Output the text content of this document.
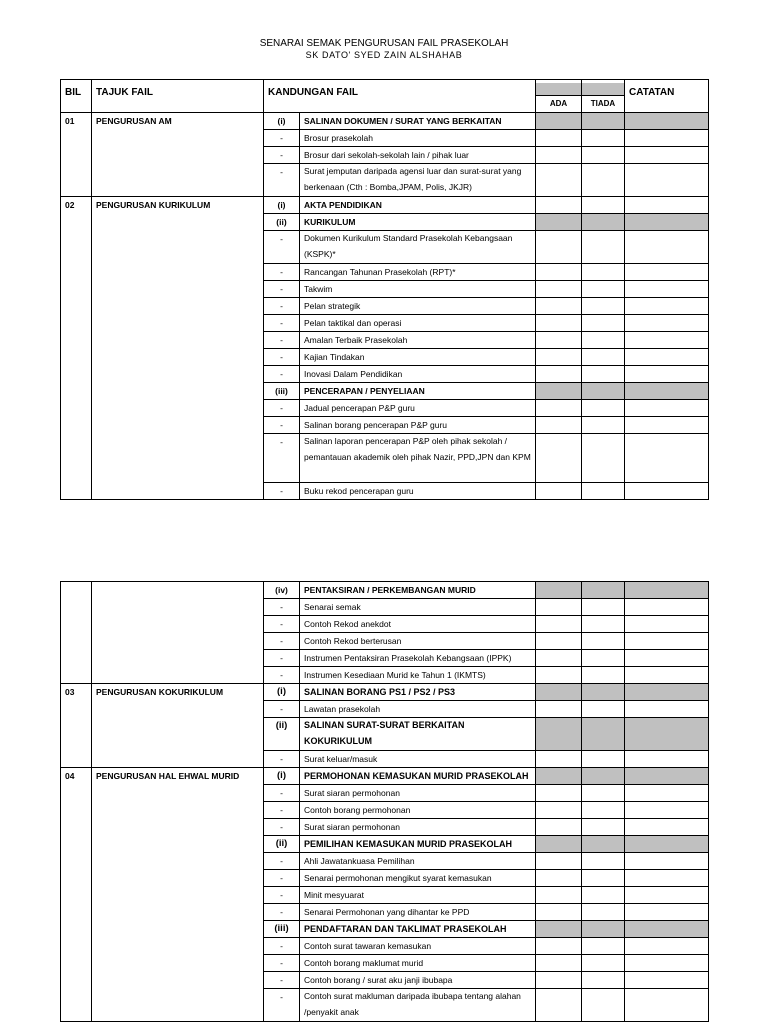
SENARAI SEMAK PENGURUSAN FAIL PRASEKOLAH
SK DATO' SYED ZAIN ALSHAHAB
BIL	TAJUK FAIL	KANDUNGAN FAIL		ADA	TIADA	CATATAN
01	PENGURUSAN AM	(i)	SALINAN DOKUMEN / SURAT YANG BERKAITAN			
		-	Brosur prasekolah			
		-	Brosur dari sekolah-sekolah lain / pihak luar			
		-	Surat jemputan daripada agensi luar dan surat-surat yang berkenaan (Cth : Bomba,JPAM, Polis, JKJR)			
02	PENGURUSAN KURIKULUM	(i)	AKTA PENDIDIKAN			
		(ii)	KURIKULUM			
		-	Dokumen Kurikulum Standard Prasekolah Kebangsaan (KSPK)*			
		-	Rancangan Tahunan Prasekolah (RPT)*			
		-	Takwim			
		-	Pelan strategik			
		-	Pelan taktikal dan operasi			
		-	Amalan Terbaik Prasekolah			
		-	Kajian Tindakan			
		-	Inovasi Dalam Pendidikan			
		(iii)	PENCERAPAN / PENYELIAAN			
		-	Jadual pencerapan P&P guru			
		-	Salinan borang pencerapan P&P guru			
		-	Salinan laporan pencerapan P&P oleh pihak sekolah / pemantauan akademik oleh pihak Nazir, PPD,JPN dan KPM			
		-	Buku rekod pencerapan guru			
		(iv)	PENTAKSIRAN / PERKEMBANGAN MURID			
		-	Senarai semak			
		-	Contoh Rekod anekdot			
		-	Contoh Rekod berterusan			
		-	Instrumen Pentaksiran Prasekolah Kebangsaan (IPPK)			
		-	Instrumen Kesediaan Murid ke Tahun 1 (IKMTS)			
03	PENGURUSAN KOKURIKULUM	(i)	SALINAN BORANG PS1 / PS2 / PS3			
		-	Lawatan prasekolah			
		(ii)	SALINAN SURAT-SURAT BERKAITAN KOKURIKULUM			
		-	Surat keluar/masuk			
04	PENGURUSAN HAL EHWAL MURID	(i)	PERMOHONAN KEMASUKAN MURID PRASEKOLAH			
		-	Surat siaran permohonan			
		-	Contoh borang permohonan			
		-	Surat siaran permohonan			
		(ii)	PEMILIHAN KEMASUKAN MURID PRASEKOLAH			
		-	Ahli Jawatankuasa Pemilihan			
		-	Senarai permohonan mengikut syarat kemasukan			
		-	Minit mesyuarat			
		-	Senarai Permohonan yang dihantar ke PPD			
		(iii)	PENDAFTARAN DAN TAKLIMAT PRASEKOLAH			
		-	Contoh surat tawaran kemasukan			
		-	Contoh borang maklumat murid			
		-	Contoh borang / surat aku janji ibubapa			
		-	Contoh surat makluman daripada ibubapa tentang alahan /penyakit anak			
